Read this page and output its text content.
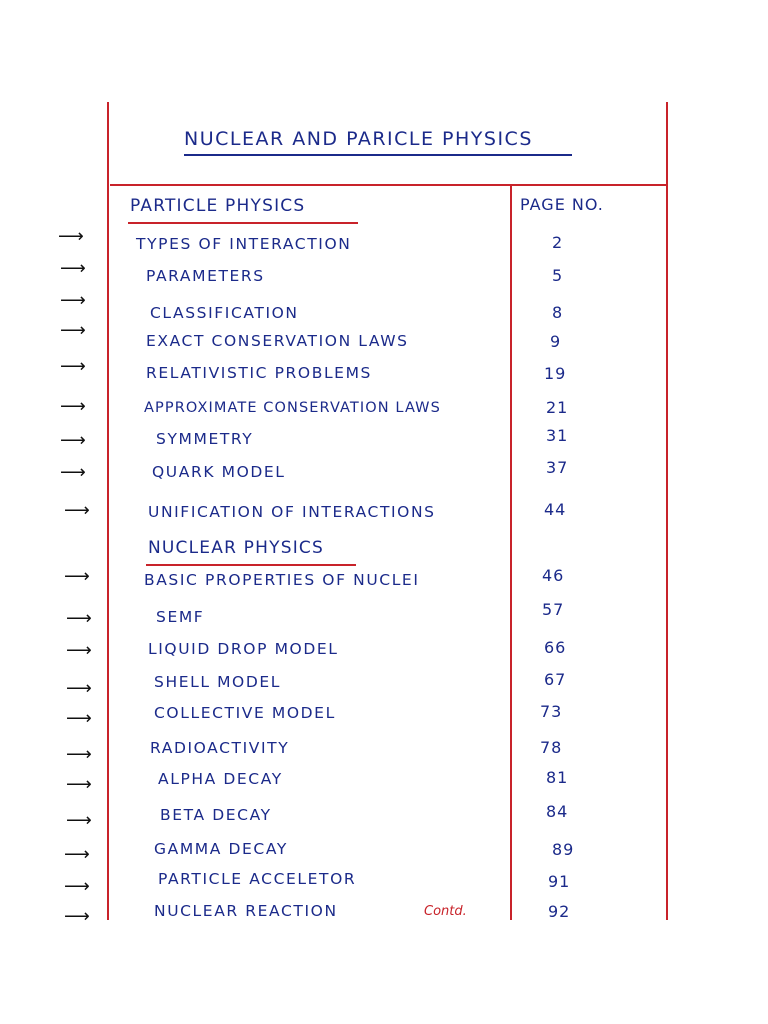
NUCLEAR AND PARICLE PHYSICS
PAGE NO.
PARTICLE PHYSICS
NUCLEAR PHYSICS
⟶	TYPES OF INTERACTION	2
⟶	PARAMETERS	5
⟶
CLASSIFICATION	8
⟶	EXACT CONSERVATION LAWS	9
⟶	RELATIVISTIC PROBLEMS	19
⟶	APPROXIMATE CONSERVATION LAWS	21
⟶	SYMMETRY	31
⟶	QUARK MODEL	37
⟶	UNIFICATION OF INTERACTIONS	44
⟶	BASIC PROPERTIES OF NUCLEI	46
⟶	SEMF	57
⟶	LIQUID DROP MODEL	66
⟶	SHELL MODEL	67
⟶	COLLECTIVE MODEL	73
⟶	RADIOACTIVITY	78
⟶	ALPHA DECAY	81
⟶	BETA DECAY	84
⟶	GAMMA DECAY	89
⟶	PARTICLE ACCELETOR	91
⟶	NUCLEAR REACTION	92
Contd.
